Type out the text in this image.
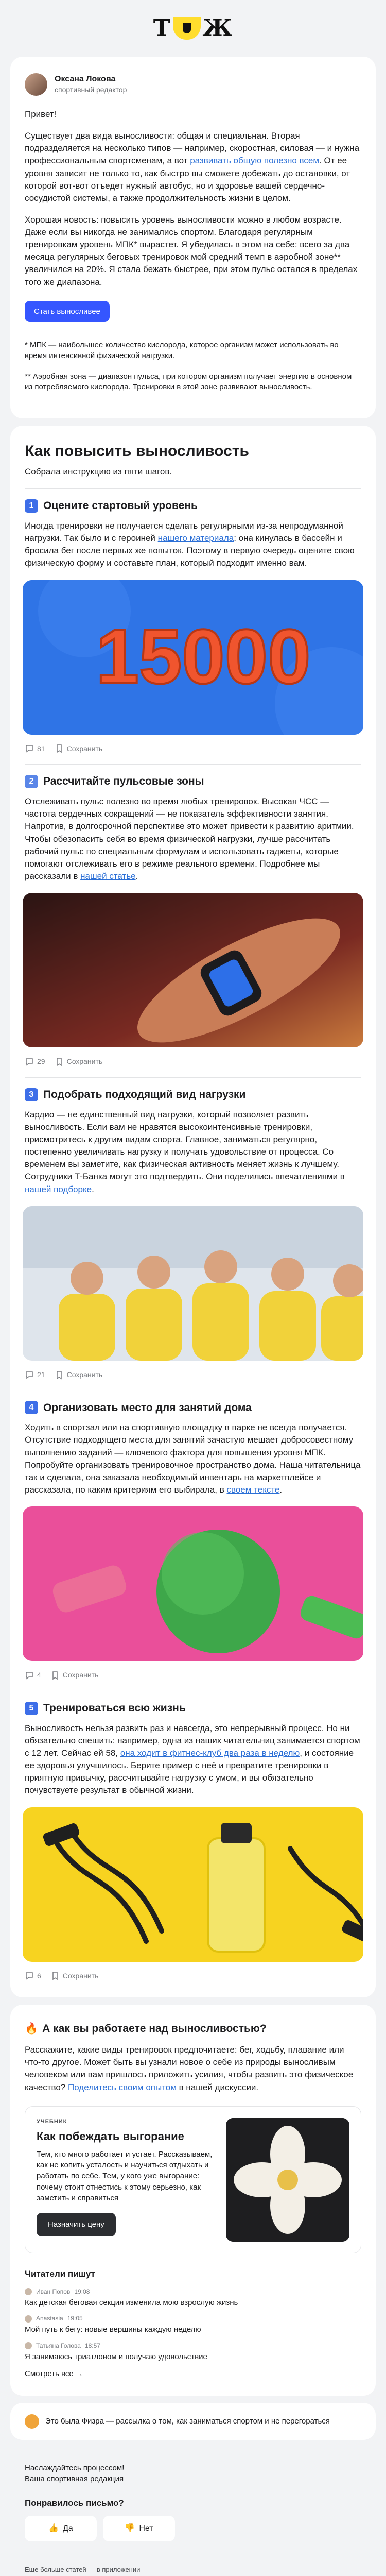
Т Ж
Оксана Локова
спортивный редактор

Привет!

Существует два вида выносливости: общая и специальная. Вторая подразделяется на несколько типов — например, скоростная, силовая — и нужна профессиональным спортсменам, а вот развивать общую полезно всем. От ее уровня зависит не только то, как быстро вы сможете добежать до остановки, от которой вот-вот отъедет нужный автобус, но и здоровье вашей сердечно-сосудистой системы, а также продолжительность жизни в целом.

Хорошая новость: повысить уровень выносливости можно в любом возрасте. Даже если вы никогда не занимались спортом. Благодаря регулярным тренировкам уровень МПК* вырастет. Я убедилась в этом на себе: всего за два месяца регулярных беговых тренировок мой средний темп в аэробной зоне** увеличился на 20%. Я стала бежать быстрее, при этом пульс остался в пределах того же диапазона.

Стать выносливее

* МПК — наибольшее количество кислорода, которое организм может использовать во время интенсивной физической нагрузки.

** Аэробная зона — диапазон пульса, при котором организм получает энергию в основном из потребляемого кислорода. Тренировки в этой зоне развивают выносливость.

Как повысить выносливость

Собрала инструкцию из пяти шагов.

1 Оцените стартовый уровень

Иногда тренировки не получается сделать регулярными из-за непродуманной нагрузки. Так было и с героиней нашего материала: она кинулась в бассейн и бросила бег после первых же попыток. Поэтому в первую очередь оцените свою физическую форму и составьте план, который подходит именно вам.

15000
81	Сохранить
2 Рассчитайте пульсовые зоны

Отслеживать пульс полезно во время любых тренировок. Высокая ЧСС — частота сердечных сокращений — не показатель эффективности занятия. Напротив, в долгосрочной перспективе это может привести к развитию аритмии. Чтобы обезопасить себя во время физической нагрузки, лучше рассчитать рабочий пульс по специальным формулам и использовать гаджеты, которые помогают отслеживать его в режиме реального времени. Подробнее мы рассказали в нашей статье.

29	Сохранить
3 Подобрать подходящий вид нагрузки

Кардио — не единственный вид нагрузки, который позволяет развить выносливость. Если вам не нравятся высокоинтенсивные тренировки, присмотритесь к другим видам спорта. Главное, заниматься регулярно, постепенно увеличивать нагрузку и получать удовольствие от процесса. Со временем вы заметите, как физическая активность меняет жизнь к лучшему. Сотрудники Т-Банка могут это подтвердить. Они поделились впечатлениями в нашей подборке.

21	Сохранить
4 Организовать место для занятий дома

Ходить в спортзал или на спортивную площадку в парке не всегда получается. Отсутствие подходящего места для занятий зачастую мешает добросовестному выполнению заданий — ключевого фактора для повышения уровня МПК. Попробуйте организовать тренировочное пространство дома. Наша читательница так и сделала, она заказала необходимый инвентарь на маркетплейсе и рассказала, по каким критериям его выбирала, в своем тексте.

4	Сохранить
5 Тренироваться всю жизнь

Выносливость нельзя развить раз и навсегда, это непрерывный процесс. Но ни обязательно спешить: например, одна из наших читательниц занимается спортом с 12 лет. Сейчас ей 58, она ходит в фитнес-клуб два раза в неделю, и состояние ее здоровья улучшилось. Берите пример с неё и превратите тренировки в приятную привычку, рассчитывайте нагрузку с умом, и вы обязательно почувствуете результат в обычной жизни.

6	Сохранить
🔥 А как вы работаете над выносливостью?

Расскажите, какие виды тренировок предпочитаете: бег, ходьбу, плавание или что-то другое. Может быть вы узнали новое о себе из природы выносливым человеком или вам пришлось приложить усилия, чтобы развить это физическое качество? Поделитесь своим опытом в нашей дискуссии.

УЧЕБНИК
Как побеждать выгорание
Тем, кто много работает и устает. Рассказываем, как не копить усталость и научиться отдыхать и работать по себе. Тем, у кого уже выгорание: почему стоит отнестись к этому серьезно, как заметить и справиться
Назначить цену
Читатели пишут
Иван Попов 19:08
Как детская беговая секция изменила мою взрослую жизнь
Anastasia 19:05
Мой путь к бегу: новые вершины каждую неделю
Татьяна Голова 18:57
Я занимаюсь триатлоном и получаю удовольствие
Смотреть все →
Это была Физра — рассылка о том, как заниматься спортом и не перегораться
Наслаждайтесь процессом!
Ваша спортивная редакция
Понравилось письмо?
👍 Да	👎 Нет
Еще больше статей — в приложении
